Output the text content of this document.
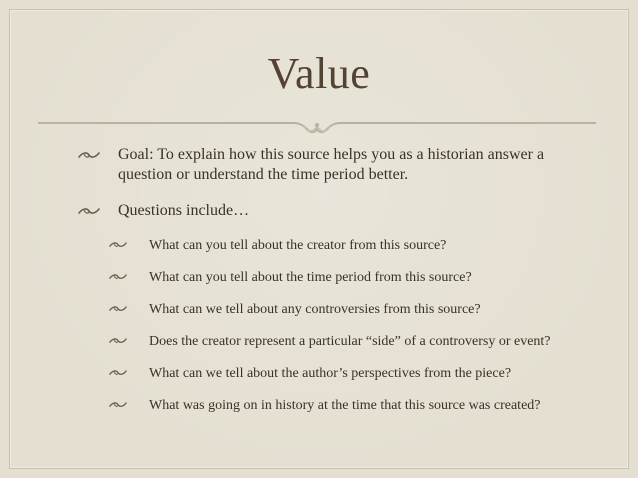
Value
Goal: To explain how this source helps you as a historian answer a question or understand the time period better.
Questions include…
What can you tell about the creator from this source?
What can you tell about the time period from this source?
What can we tell about any controversies from this source?
Does the creator represent a particular “side” of a controversy or event?
What can we tell about the author’s perspectives from the piece?
What was going on in history at the time that this source was created?
